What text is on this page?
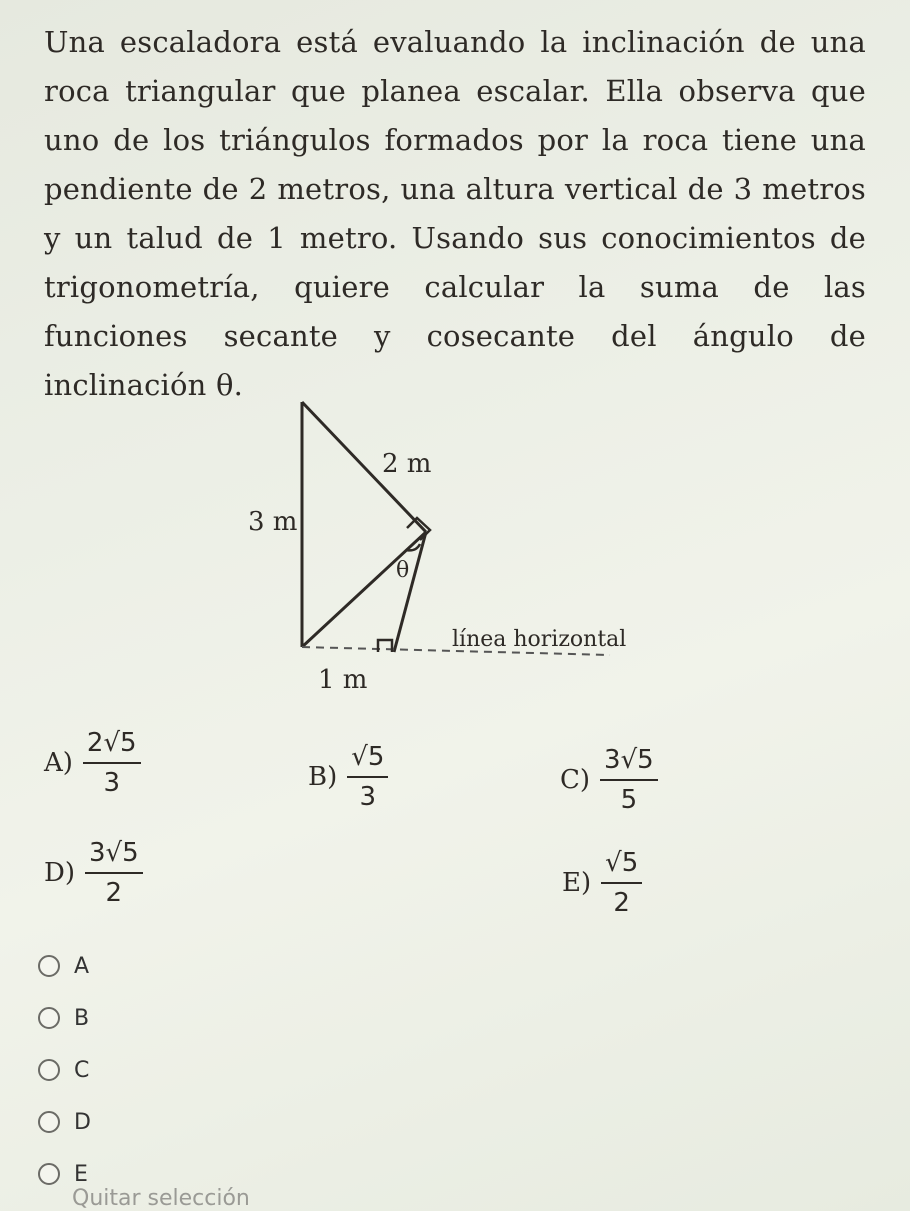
Una escaladora está evaluando la inclinación de una roca triangular que planea escalar. Ella observa que uno de los triángulos formados por la roca tiene una pendiente de 2 metros, una altura vertical de 3 metros y un talud de 1 metro. Usando sus conocimientos de trigonometría, quiere calcular la suma de las funciones secante y cosecante del ángulo de inclinación θ.
2 m
3 m
θ
línea horizontal
1 m
$A) \frac{2√5}{3}$	$B) \frac{√5}{3}$	$C) \frac{3√5}{5}$
$D) \frac{3√5}{2}$	$E) \frac{√5}{2}$
A
B
C
D
E
Quitar selección
